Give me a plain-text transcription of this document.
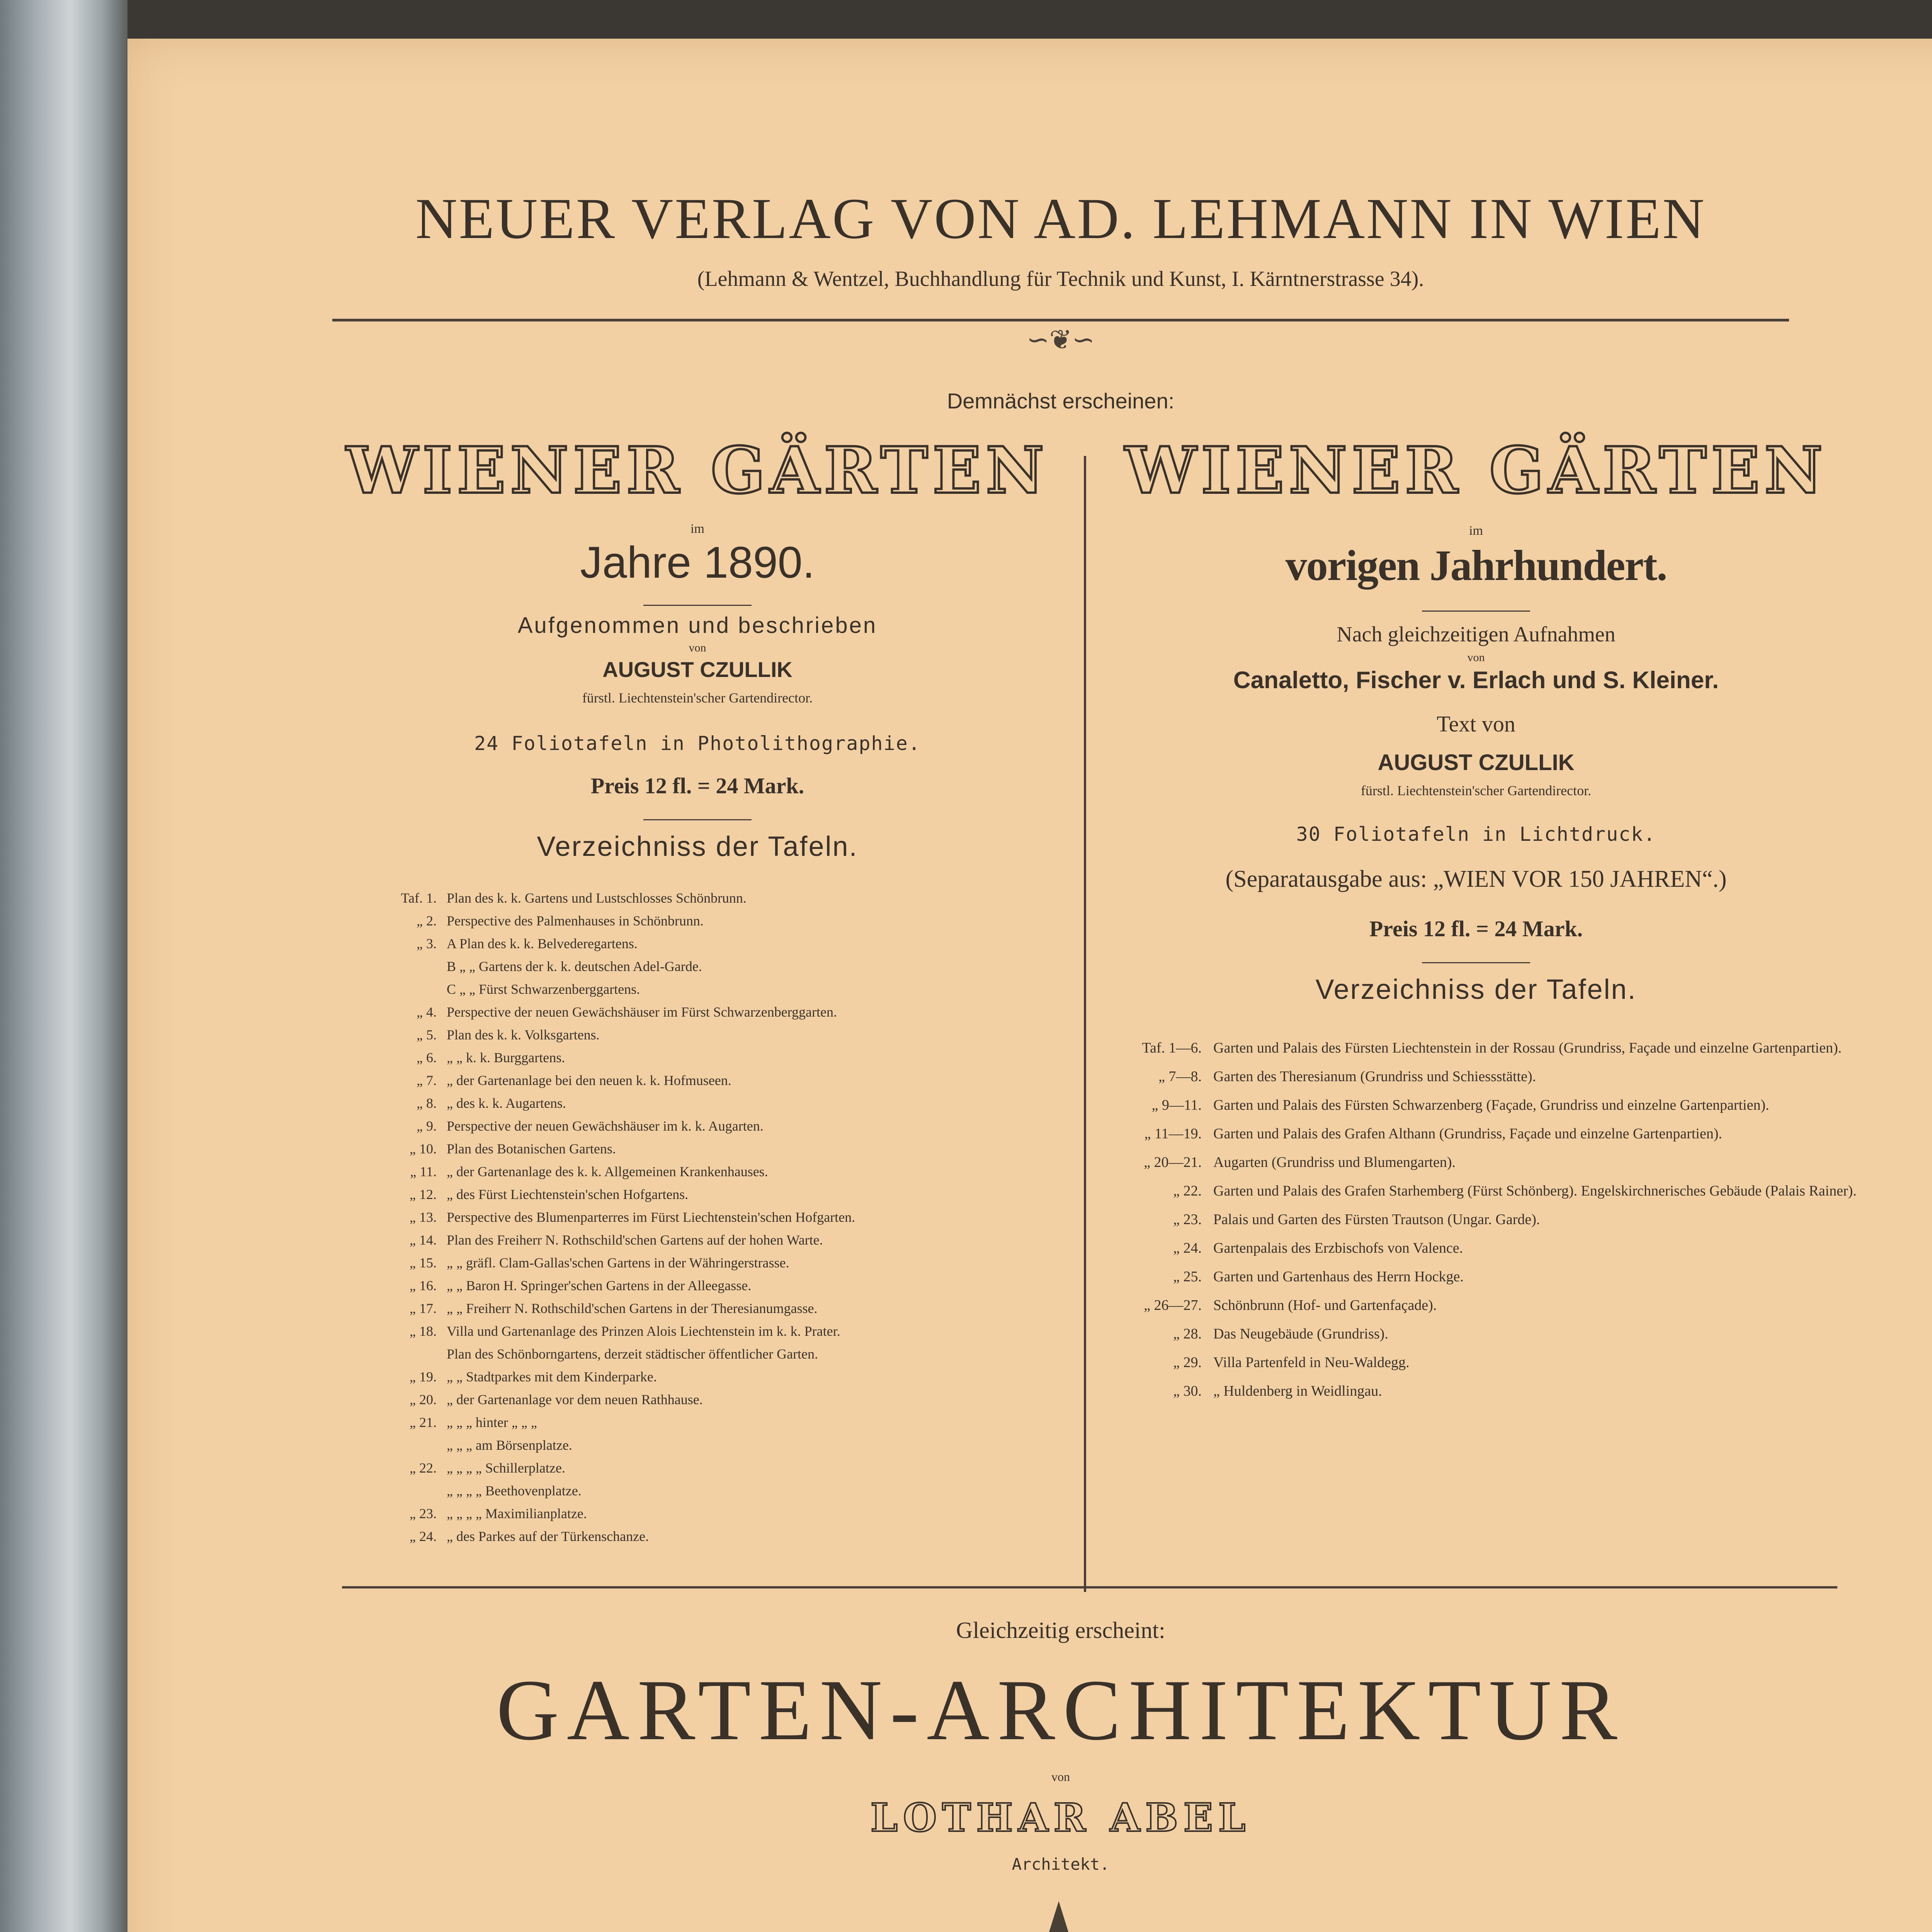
NEUER VERLAG VON AD. LEHMANN IN WIEN
(Lehmann & Wentzel, Buchhandlung für Technik und Kunst, I. Kärntnerstrasse 34).
∽❦∽
Demnächst erscheinen:
WIENER GÄRTEN
im
Jahre 1890.
Aufgenommen und beschrieben
von
AUGUST CZULLIK
fürstl. Liechtenstein'scher Gartendirector.
24 Foliotafeln in Photolithographie.
Preis 12 fl. = 24 Mark.
Verzeichniss der Tafeln.
Taf. 1. Plan des k. k. Gartens und Lustschlosses Schönbrunn.
„ 2. Perspective des Palmenhauses in Schönbrunn.
„ 3. A Plan des k. k. Belvederegartens.
B „ „ Gartens der k. k. deutschen Adel-Garde.
C „ „ Fürst Schwarzenberggartens.
„ 4. Perspective der neuen Gewächshäuser im Fürst Schwarzenberggarten.
„ 5. Plan des k. k. Volksgartens.
„ 6. „ „ k. k. Burggartens.
„ 7. „ der Gartenanlage bei den neuen k. k. Hofmuseen.
„ 8. „ des k. k. Augartens.
„ 9. Perspective der neuen Gewächshäuser im k. k. Augarten.
„ 10. Plan des Botanischen Gartens.
„ 11. „ der Gartenanlage des k. k. Allgemeinen Krankenhauses.
„ 12. „ des Fürst Liechtenstein'schen Hofgartens.
„ 13. Perspective des Blumenparterres im Fürst Liechtenstein'schen Hofgarten.
„ 14. Plan des Freiherr N. Rothschild'schen Gartens auf der hohen Warte.
„ 15. „ „ gräfl. Clam-Gallas'schen Gartens in der Währingerstrasse.
„ 16. „ „ Baron H. Springer'schen Gartens in der Alleegasse.
„ 17. „ „ Freiherr N. Rothschild'schen Gartens in der Theresianumgasse.
„ 18. Villa und Gartenanlage des Prinzen Alois Liechtenstein im k. k. Prater.
Plan des Schönborngartens, derzeit städtischer öffentlicher Garten.
„ 19. „ „ Stadtparkes mit dem Kinderparke.
„ 20. „ der Gartenanlage vor dem neuen Rathhause.
„ 21. „ „ „ hinter „ „ „
„ „ „ am Börsenplatze.
„ 22. „ „ „ „ Schillerplatze.
„ „ „ „ Beethovenplatze.
„ 23. „ „ „ „ Maximilianplatze.
„ 24. „ des Parkes auf der Türkenschanze.
WIENER GÄRTEN
im
vorigen Jahrhundert.
Nach gleichzeitigen Aufnahmen
von
Canaletto, Fischer v. Erlach und S. Kleiner.
Text von
AUGUST CZULLIK
fürstl. Liechtenstein'scher Gartendirector.
30 Foliotafeln in Lichtdruck.
(Separatausgabe aus: „WIEN VOR 150 JAHREN“.)
Preis 12 fl. = 24 Mark.
Verzeichniss der Tafeln.
Taf. 1—6. Garten und Palais des Fürsten Liechtenstein in der Rossau (Grundriss, Façade und einzelne Gartenpartien).
„ 7—8. Garten des Theresianum (Grundriss und Schiessstätte).
„ 9—11. Garten und Palais des Fürsten Schwarzenberg (Façade, Grundriss und einzelne Gartenpartien).
„ 11—19. Garten und Palais des Grafen Althann (Grundriss, Façade und einzelne Gartenpartien).
„ 20—21. Augarten (Grundriss und Blumengarten).
„ 22. Garten und Palais des Grafen Starhemberg (Fürst Schönberg). Engelskirchnerisches Gebäude (Palais Rainer).
„ 23. Palais und Garten des Fürsten Trautson (Ungar. Garde).
„ 24. Gartenpalais des Erzbischofs von Valence.
„ 25. Garten und Gartenhaus des Herrn Hockge.
„ 26—27. Schönbrunn (Hof- und Gartenfaçade).
„ 28. Das Neugebäude (Grundriss).
„ 29. Villa Partenfeld in Neu-Waldegg.
„ 30. „ Huldenberg in Weidlingau.
Gleichzeitig erscheint:
GARTEN-ARCHITEKTUR
von
LOTHAR ABEL
Architekt.
